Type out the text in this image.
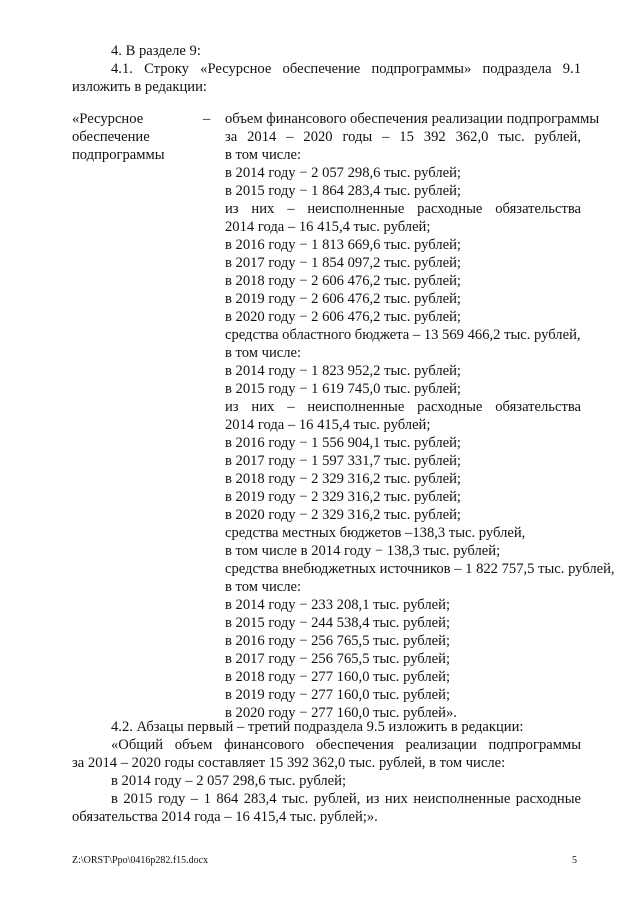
4. В разделе 9:
4.1. Строку «Ресурсное обеспечение подпрограммы» подраздела 9.1
изложить в редакции:
«Ресурсное
обеспечение
подпрограммы
– объем финансового обеспечения реализации подпрограммы
за 2014 – 2020 годы – 15 392 362,0 тыс. рублей,
в том числе:
в 2014 году − 2 057 298,6 тыс. рублей;
в 2015 году − 1 864 283,4 тыс. рублей;
из них – неисполненные расходные обязательства
2014 года – 16 415,4 тыс. рублей;
в 2016 году − 1 813 669,6 тыс. рублей;
в 2017 году − 1 854 097,2 тыс. рублей;
в 2018 году − 2 606 476,2 тыс. рублей;
в 2019 году − 2 606 476,2 тыс. рублей;
в 2020 году − 2 606 476,2 тыс. рублей;
средства областного бюджета – 13 569 466,2 тыс. рублей,
в том числе:
в 2014 году − 1 823 952,2 тыс. рублей;
в 2015 году − 1 619 745,0 тыс. рублей;
из них – неисполненные расходные обязательства
2014 года – 16 415,4 тыс. рублей;
в 2016 году − 1 556 904,1 тыс. рублей;
в 2017 году − 1 597 331,7 тыс. рублей;
в 2018 году − 2 329 316,2 тыс. рублей;
в 2019 году − 2 329 316,2 тыс. рублей;
в 2020 году − 2 329 316,2 тыс. рублей;
средства местных бюджетов –138,3 тыс. рублей,
в том числе в 2014 году − 138,3 тыс. рублей;
средства внебюджетных источников – 1 822 757,5 тыс. рублей,
в том числе:
в 2014 году − 233 208,1 тыс. рублей;
в 2015 году − 244 538,4 тыс. рублей;
в 2016 году − 256 765,5 тыс. рублей;
в 2017 году − 256 765,5 тыс. рублей;
в 2018 году − 277 160,0 тыс. рублей;
в 2019 году − 277 160,0 тыс. рублей;
в 2020 году − 277 160,0 тыс. рублей».
4.2. Абзацы первый – третий подраздела 9.5 изложить в редакции:
«Общий объем финансового обеспечения реализации подпрограммы
за 2014 – 2020 годы составляет 15 392 362,0 тыс. рублей, в том числе:
в 2014 году – 2 057 298,6 тыс. рублей;
в 2015 году – 1 864 283,4 тыс. рублей, из них неисполненные расходные
обязательства 2014 года – 16 415,4 тыс. рублей;».
Z:\ORST\Ppo\0416p282.f15.docx	5
